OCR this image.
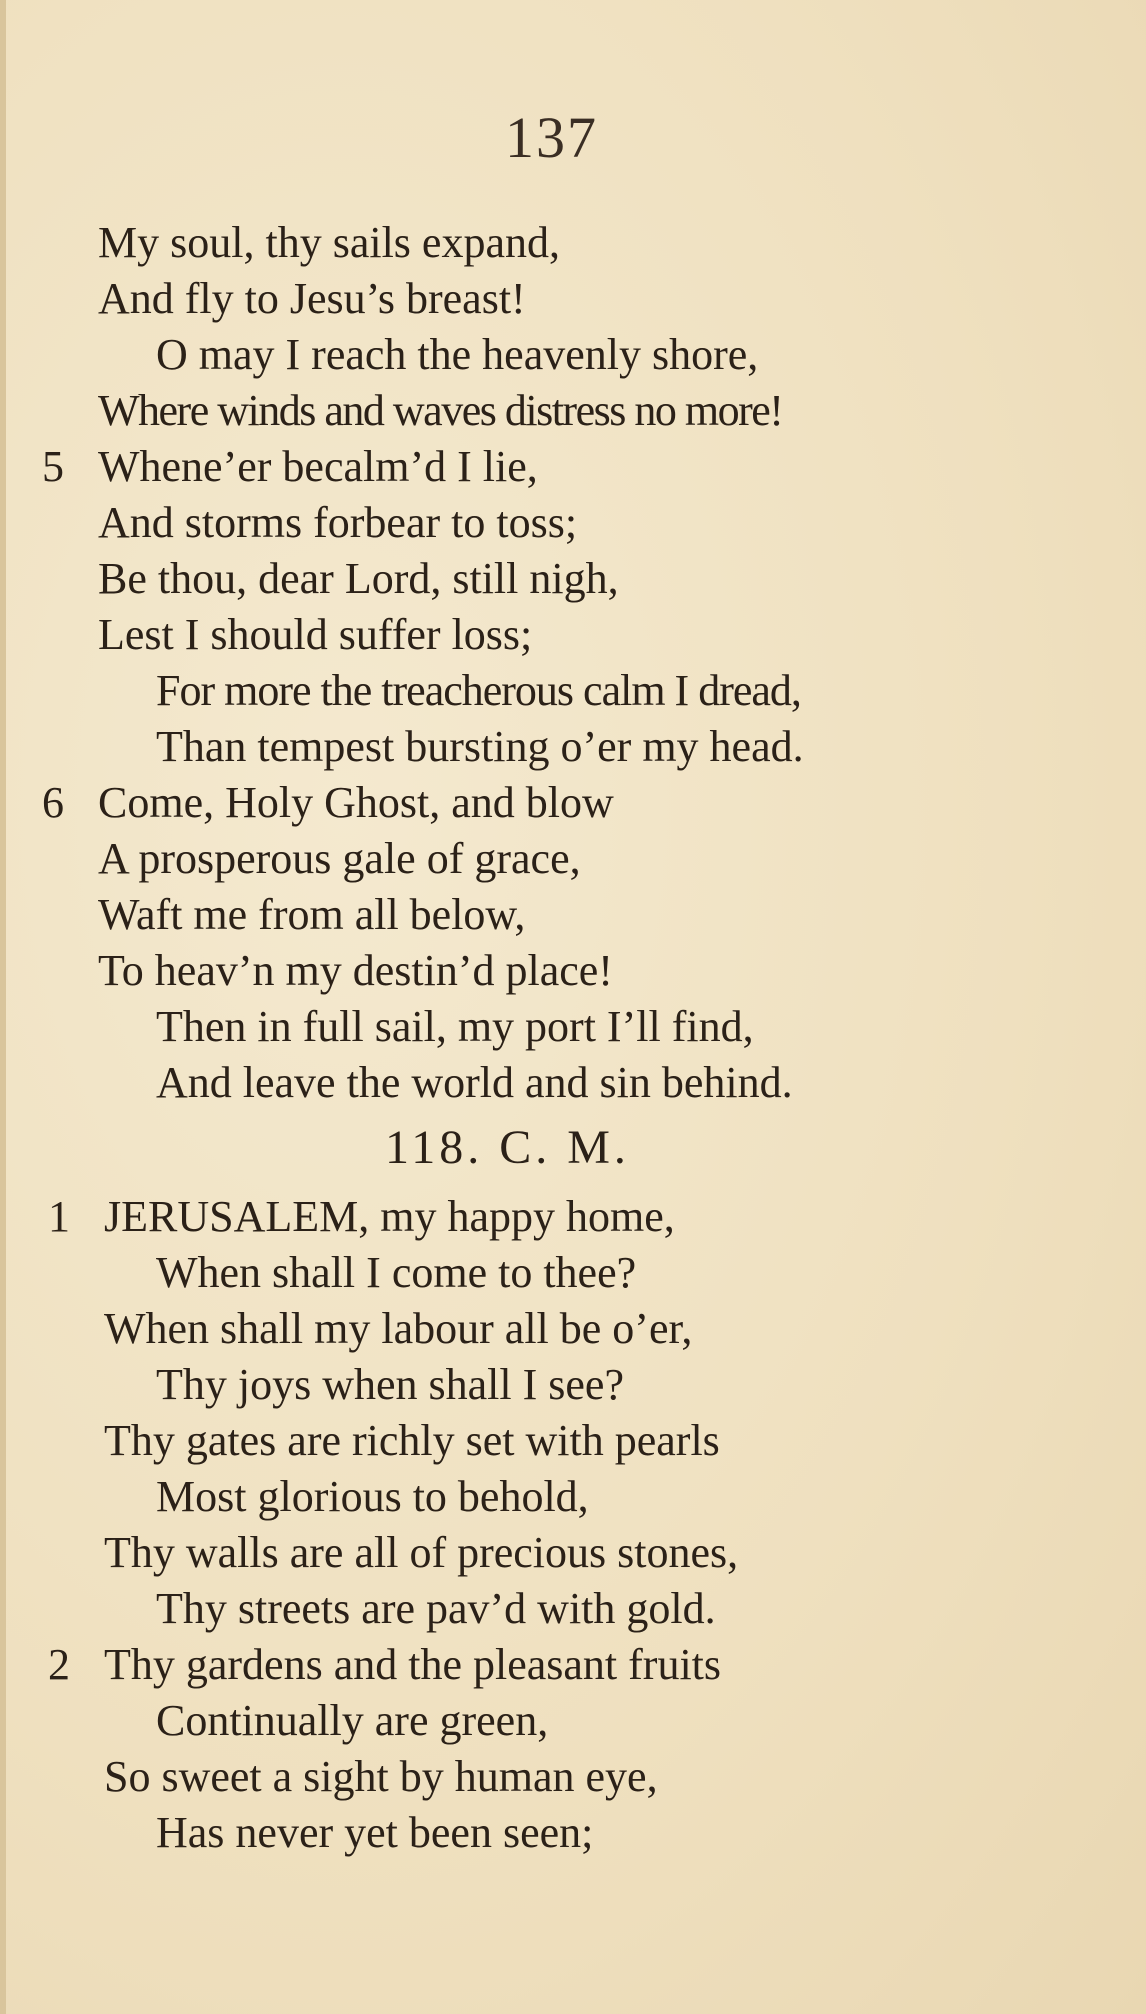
137
My soul, thy sails expand,
And fly to Jesu’s breast!
O may I reach the heavenly shore,
Where winds and waves distress no more!
5 Whene’er becalm’d I lie,
And storms forbear to toss;
Be thou, dear Lord, still nigh,
Lest I should suffer loss;
For more the treacherous calm I dread,
Than tempest bursting o’er my head.
6 Come, Holy Ghost, and blow
A prosperous gale of grace,
Waft me from all below,
To heav’n my destin’d place!
Then in full sail, my port I’ll find,
And leave the world and sin behind.
118. C. M.
1 JERUSALEM, my happy home,
When shall I come to thee?
When shall my labour all be o’er,
Thy joys when shall I see?
Thy gates are richly set with pearls
Most glorious to behold,
Thy walls are all of precious stones,
Thy streets are pav’d with gold.
2 Thy gardens and the pleasant fruits
Continually are green,
So sweet a sight by human eye,
Has never yet been seen;
